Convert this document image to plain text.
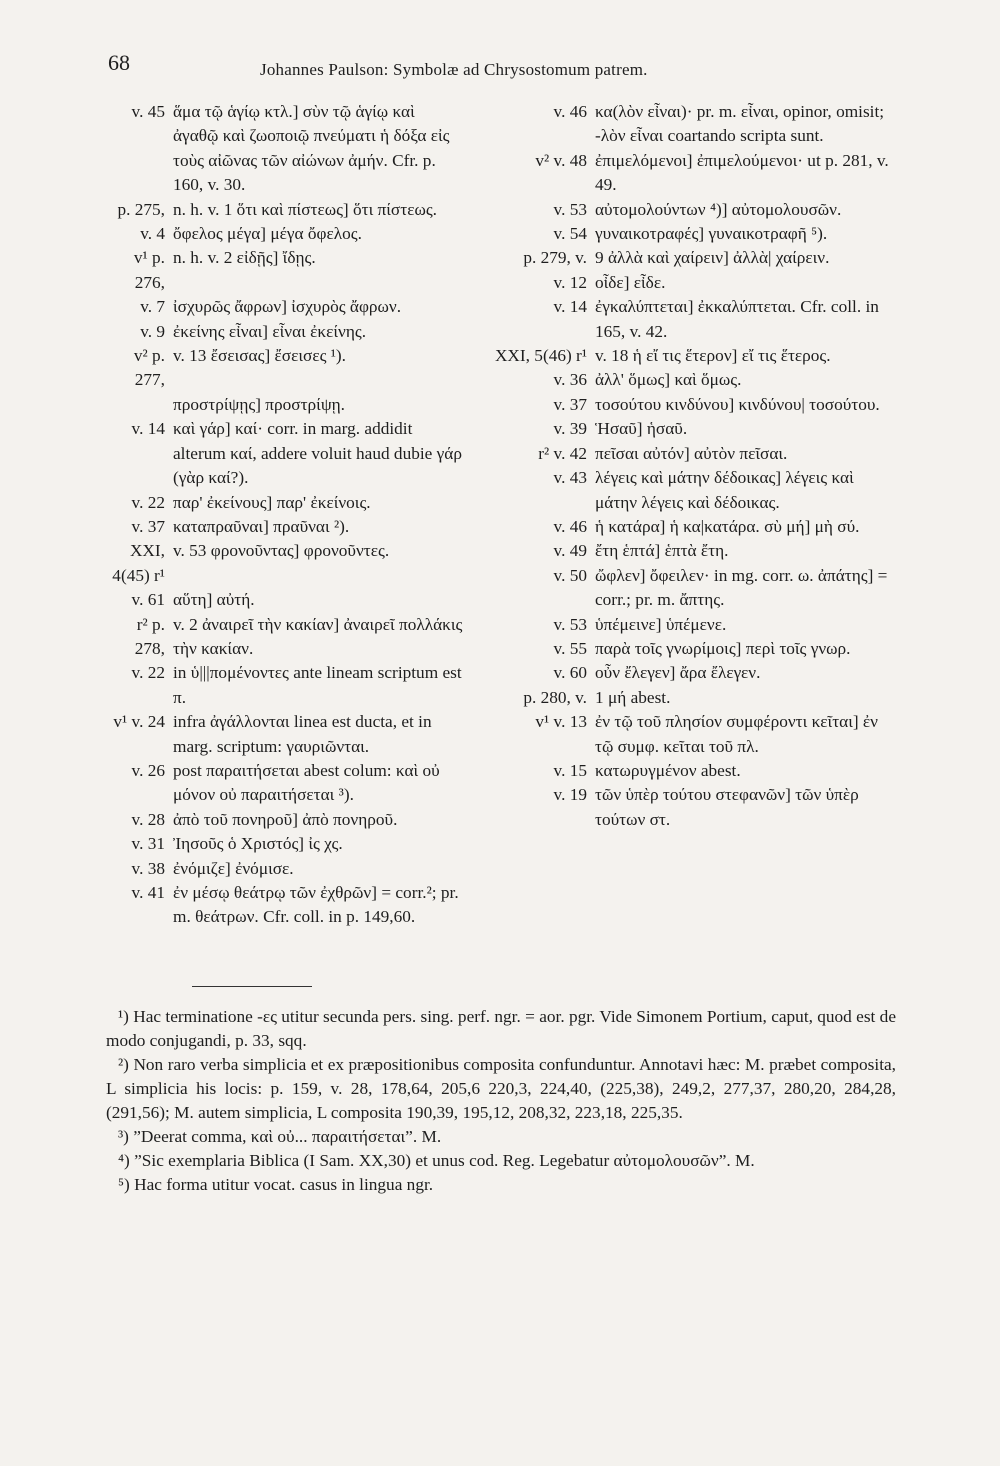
68	Johannes Paulson: Symbolæ ad Chrysostomum patrem.
v. 45 ἅμα τῷ ἁγίῳ κτλ.] σὺν τῷ ἁγίῳ καὶ ἀγαθῷ καὶ ζωοποιῷ πνεύματι ἡ δόξα εἰς τοὺς αἰῶνας τῶν αἰώνων ἀμήν. Cfr. p. 160, v. 30.
p. 275, n. h. v. 1 ὅτι καὶ πίστεως] ὅτι πίστεως.
v. 4 ὄφελος μέγα] μέγα ὄφελος.
v¹ p. 276,n. h. v. 2 εἰδῇς] ἴδῃς.
v. 7 ἰσχυρῶς ἄφρων] ἰσχυρὸς ἄφρων.
v. 9 ἐκείνης εἶναι] εἶναι ἐκείνης.
v² p. 277,v. 13 ἔσεισας] ἔσεισες ¹).
προστρίψῃς] προστρίψῃ.
v. 14 καὶ γάρ] καί· corr. in marg. addidit alterum καί, addere voluit haud dubie γάρ (γὰρ καί?).
v. 22 παρ' ἐκείνους] παρ' ἐκείνοις.
v. 37 καταπραῦναι] πραῦναι ²).
XXI, 4(45) r¹v. 53 φρονοῦντας] φρονοῦντες.
v. 61 αὕτη] αὐτή.
r² p. 278,v. 2 ἀναιρεῖ τὴν κακίαν] ἀναιρεῖ πολλάκις τὴν κακίαν.
v. 22 in ὑ|||πομένοντες ante lineam scriptum est π.
v¹ v. 24 infra ἀγάλλονται linea est ducta, et in marg. scriptum: γαυριῶνται.
v. 26 post παραιτήσεται abest colum: καὶ οὐ μόνον οὐ παραιτήσεται ³).
v. 28 ἀπὸ τοῦ πονηροῦ] ἀπὸ πονηροῦ.
v. 31 Ἰησοῦς ὁ Χριστός] ἰς χς.
v. 38 ἐνόμιζε] ἐνόμισε.
v. 41 ἐν μέσῳ θεάτρῳ τῶν ἐχθρῶν] = corr.²; pr. m. θεάτρων. Cfr. coll. in p. 149,60.
v. 46 κα(λὸν εἶναι)· pr. m. εἶναι, opinor, omisit; -λὸν εἶναι coartando scripta sunt.
v² v. 48 ἐπιμελόμενοι] ἐπιμελούμενοι· ut p. 281, v. 49.
v. 53 αὐτομολούντων ⁴)] αὐτομολουσῶν.
v. 54 γυναικοτραφές] γυναικοτραφῆ ⁵).
p. 279, v. 9 ἀλλὰ καὶ χαίρειν] ἀλλὰ| χαίρειν.
v. 12 οἶδε] εἶδε.
v. 14 ἐγκαλύπτεται] ἐκκαλύπτεται. Cfr. coll. in 165, v. 42.
XXI, 5(46) r¹ v. 18 ἡ εἴ τις ἕτερον] εἴ τις ἕτερος.
v. 36 ἀλλ' ὅμως] καὶ ὅμως.
v. 37 τοσούτου κινδύνου] κινδύνου| τοσούτου.
v. 39 Ἡσαῦ] ἡσαῦ.
r² v. 42 πεῖσαι αὐτόν] αὐτὸν πεῖσαι.
v. 43 λέγεις καὶ μάτην δέδοικας] λέγεις καὶ μάτην λέγεις καὶ δέδοικας.
v. 46 ἡ κατάρα] ἡ κα|κατάρα. σὺ μή] μὴ σύ.
v. 49 ἔτη ἑπτά] ἑπτὰ ἔτη.
v. 50 ὤφλεν] ὄφειλεν· in mg. corr. ω. ἀπάτης] = corr.; pr. m. ἄπτης.
v. 53 ὑπέμεινε] ὑπέμενε.
v. 55 παρὰ τοῖς γνωρίμοις] περὶ τοῖς γνωρ.
v. 60 οὖν ἔλεγεν] ἄρα ἔλεγεν.
p. 280, v. 1 μή abest.
v¹ v. 13 ἐν τῷ τοῦ πλησίον συμφέροντι κεῖται] ἐν τῷ συμφ. κεῖται τοῦ πλ.
v. 15 κατωρυγμένον abest.
v. 19 τῶν ὑπὲρ τούτου στεφανῶν] τῶν ὑπὲρ τούτων στ.

¹) Hac terminatione -ες utitur secunda pers. sing. perf. ngr. = aor. pgr. Vide Simonem Portium, caput, quod est de modo conjugandi, p. 33, sqq.

²) Non raro verba simplicia et ex præpositionibus composita confunduntur. Annotavi hæc: M. præbet composita, L simplicia his locis: p. 159, v. 28, 178,64, 205,6 220,3, 224,40, (225,38), 249,2, 277,37, 280,20, 284,28, (291,56); M. autem simplicia, L composita 190,39, 195,12, 208,32, 223,18, 225,35.

³) ”Deerat comma, καὶ οὐ... παραιτήσεται”. M.

⁴) ”Sic exemplaria Biblica (I Sam. XX,30) et unus cod. Reg. Legebatur αὐτομολουσῶν”. M.

⁵) Hac forma utitur vocat. casus in lingua ngr.
